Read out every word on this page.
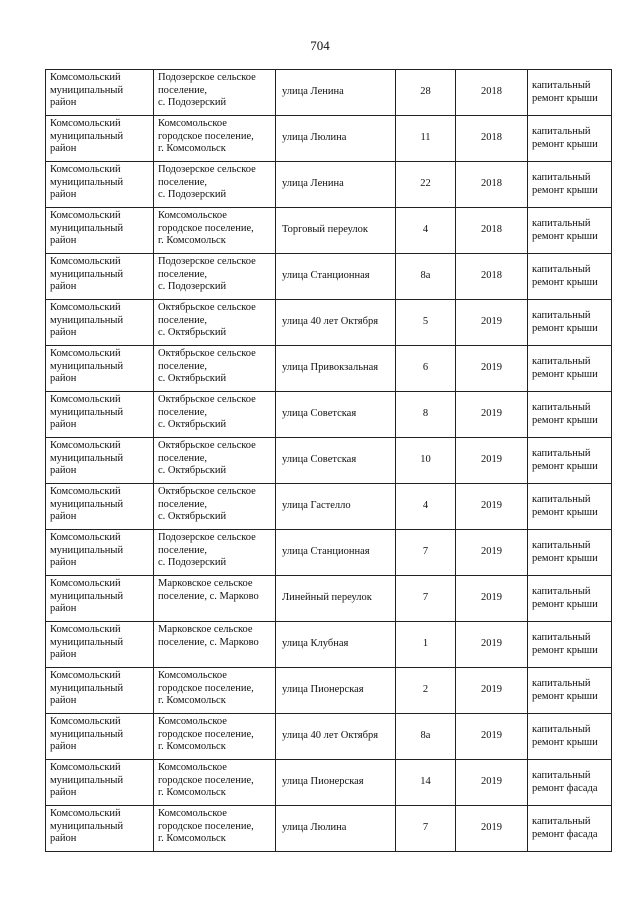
704
Комсомольский
муниципальный
район	Подозерское сельское
поселение,
с. Подозерский	улица Ленина	28	2018	капитальный
ремонт крыши

Комсомольский
муниципальный
район	Комсомольское
городское поселение,
г. Комсомольск	улица Люлина	11	2018	капитальный
ремонт крыши

Комсомольский
муниципальный
район	Подозерское сельское
поселение,
с. Подозерский	улица Ленина	22	2018	капитальный
ремонт крыши

Комсомольский
муниципальный
район	Комсомольское
городское поселение,
г. Комсомольск	Торговый переулок	4	2018	капитальный
ремонт крыши

Комсомольский
муниципальный
район	Подозерское сельское
поселение,
с. Подозерский	улица Станционная	8а	2018	капитальный
ремонт крыши

Комсомольский
муниципальный
район	Октябрьское сельское
поселение,
с. Октябрьский	улица 40 лет Октября	5	2019	капитальный
ремонт крыши

Комсомольский
муниципальный
район	Октябрьское сельское
поселение,
с. Октябрьский	улица Привокзальная	6	2019	капитальный
ремонт крыши

Комсомольский
муниципальный
район	Октябрьское сельское
поселение,
с. Октябрьский	улица Советская	8	2019	капитальный
ремонт крыши

Комсомольский
муниципальный
район	Октябрьское сельское
поселение,
с. Октябрьский	улица Советская	10	2019	капитальный
ремонт крыши

Комсомольский
муниципальный
район	Октябрьское сельское
поселение,
с. Октябрьский	улица Гастелло	4	2019	капитальный
ремонт крыши

Комсомольский
муниципальный
район	Подозерское сельское
поселение,
с. Подозерский	улица Станционная	7	2019	капитальный
ремонт крыши

Комсомольский
муниципальный
район	Марковское сельское
поселение, с. Марково	Линейный переулок	7	2019	капитальный
ремонт крыши

Комсомольский
муниципальный
район	Марковское сельское
поселение, с. Марково	улица Клубная	1	2019	капитальный
ремонт крыши

Комсомольский
муниципальный
район	Комсомольское
городское поселение,
г. Комсомольск	улица Пионерская	2	2019	капитальный
ремонт крыши

Комсомольский
муниципальный
район	Комсомольское
городское поселение,
г. Комсомольск	улица 40 лет Октября	8а	2019	капитальный
ремонт крыши

Комсомольский
муниципальный
район	Комсомольское
городское поселение,
г. Комсомольск	улица Пионерская	14	2019	капитальный
ремонт фасада

Комсомольский
муниципальный
район	Комсомольское
городское поселение,
г. Комсомольск	улица Люлина	7	2019	капитальный
ремонт фасада
